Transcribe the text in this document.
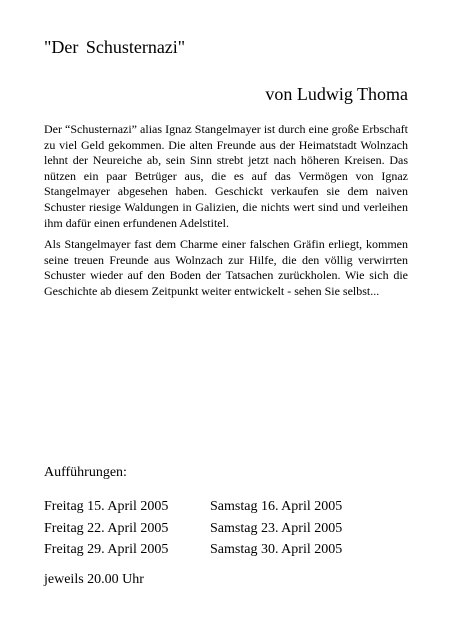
"Der Schusternazi"
von Ludwig Thoma

Der “Schusternazi” alias Ignaz Stangelmayer ist durch eine große Erbschaft zu viel Geld gekommen. Die alten Freunde aus der Heimatstadt Wolnzach lehnt der Neureiche ab, sein Sinn strebt jetzt nach höheren Kreisen. Das nützen ein paar Betrüger aus, die es auf das Vermögen von Ignaz Stangelmayer abgesehen haben. Geschickt verkaufen sie dem naiven Schuster riesige Waldungen in Galizien, die nichts wert sind und verleihen ihm dafür einen erfundenen Adelstitel.

Als Stangelmayer fast dem Charme einer falschen Gräfin erliegt, kommen seine treuen Freunde aus Wolnzach zur Hilfe, die den völlig verwirrten Schuster wieder auf den Boden der Tatsachen zurückholen. Wie sich die Geschichte ab diesem Zeitpunkt weiter entwickelt - sehen Sie selbst...

Aufführungen:
Freitag 15. April 2005	Samstag 16. April 2005
Freitag 22. April 2005	Samstag 23. April 2005
Freitag 29. April 2005	Samstag 30. April 2005
jeweils 20.00 Uhr
